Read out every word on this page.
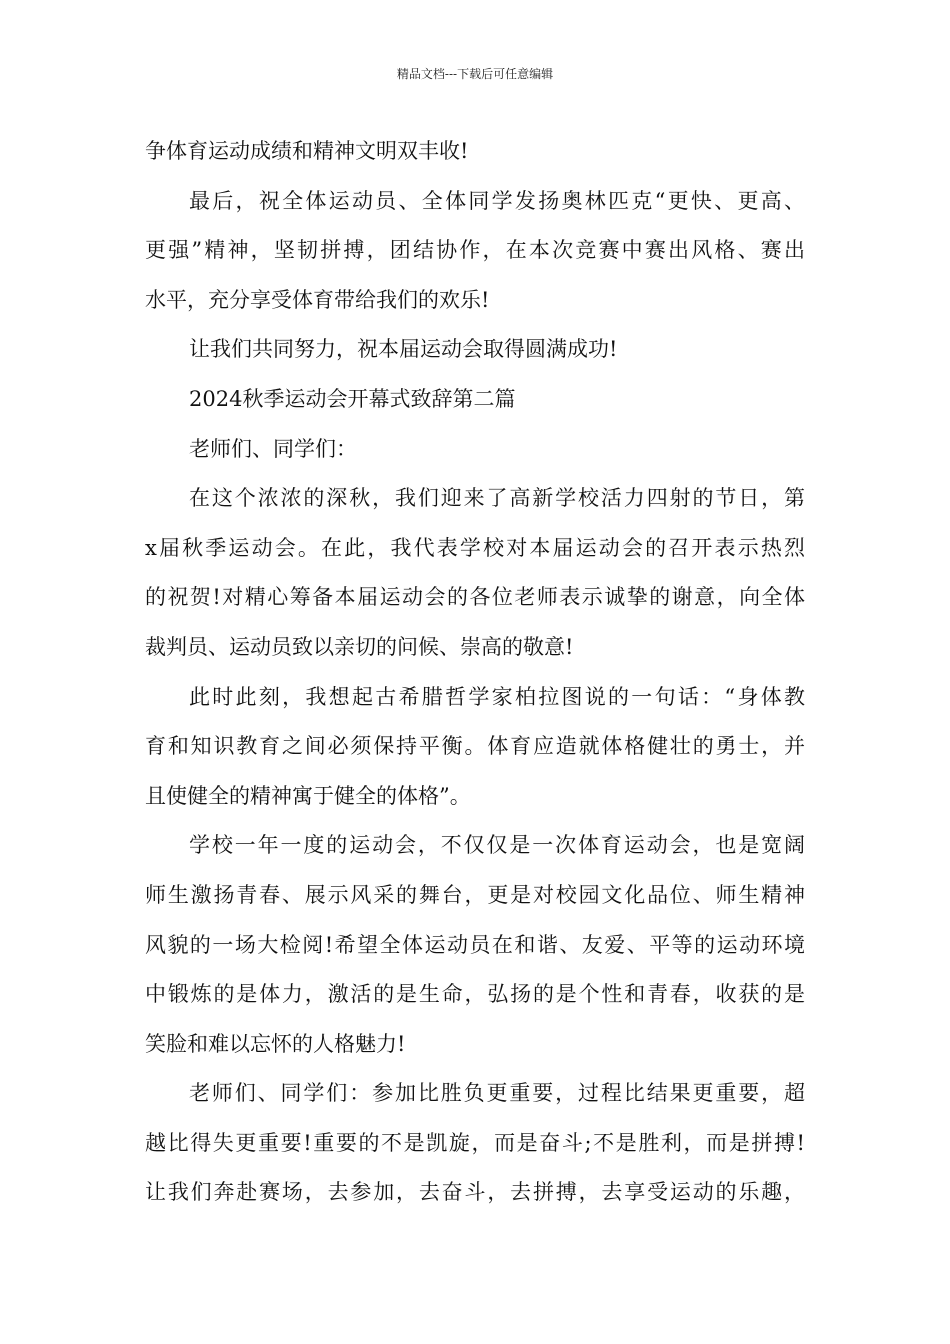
精品文档---下载后可任意编辑
争体育运动成绩和精神文明双丰收!
最后，祝全体运动员、全体同学发扬奥林匹克“更快、更高、
更强”精神，坚韧拼搏，团结协作，在本次竞赛中赛出风格、赛出
水平，充分享受体育带给我们的欢乐!
让我们共同努力，祝本届运动会取得圆满成功!
2024秋季运动会开幕式致辞第二篇
老师们、同学们：
在这个浓浓的深秋，我们迎来了高新学校活力四射的节日，第
x届秋季运动会。在此，我代表学校对本届运动会的召开表示热烈
的祝贺!对精心筹备本届运动会的各位老师表示诚挚的谢意，向全体
裁判员、运动员致以亲切的问候、崇高的敬意!
此时此刻，我想起古希腊哲学家柏拉图说的一句话：“身体教
育和知识教育之间必须保持平衡。体育应造就体格健壮的勇士，并
且使健全的精神寓于健全的体格”。
学校一年一度的运动会，不仅仅是一次体育运动会，也是宽阔
师生激扬青春、展示风采的舞台，更是对校园文化品位、师生精神
风貌的一场大检阅!希望全体运动员在和谐、友爱、平等的运动环境
中锻炼的是体力，激活的是生命，弘扬的是个性和青春，收获的是
笑脸和难以忘怀的人格魅力!
老师们、同学们：参加比胜负更重要，过程比结果更重要，超
越比得失更重要!重要的不是凯旋，而是奋斗;不是胜利，而是拼搏!
让我们奔赴赛场，去参加，去奋斗，去拼搏，去享受运动的乐趣，
